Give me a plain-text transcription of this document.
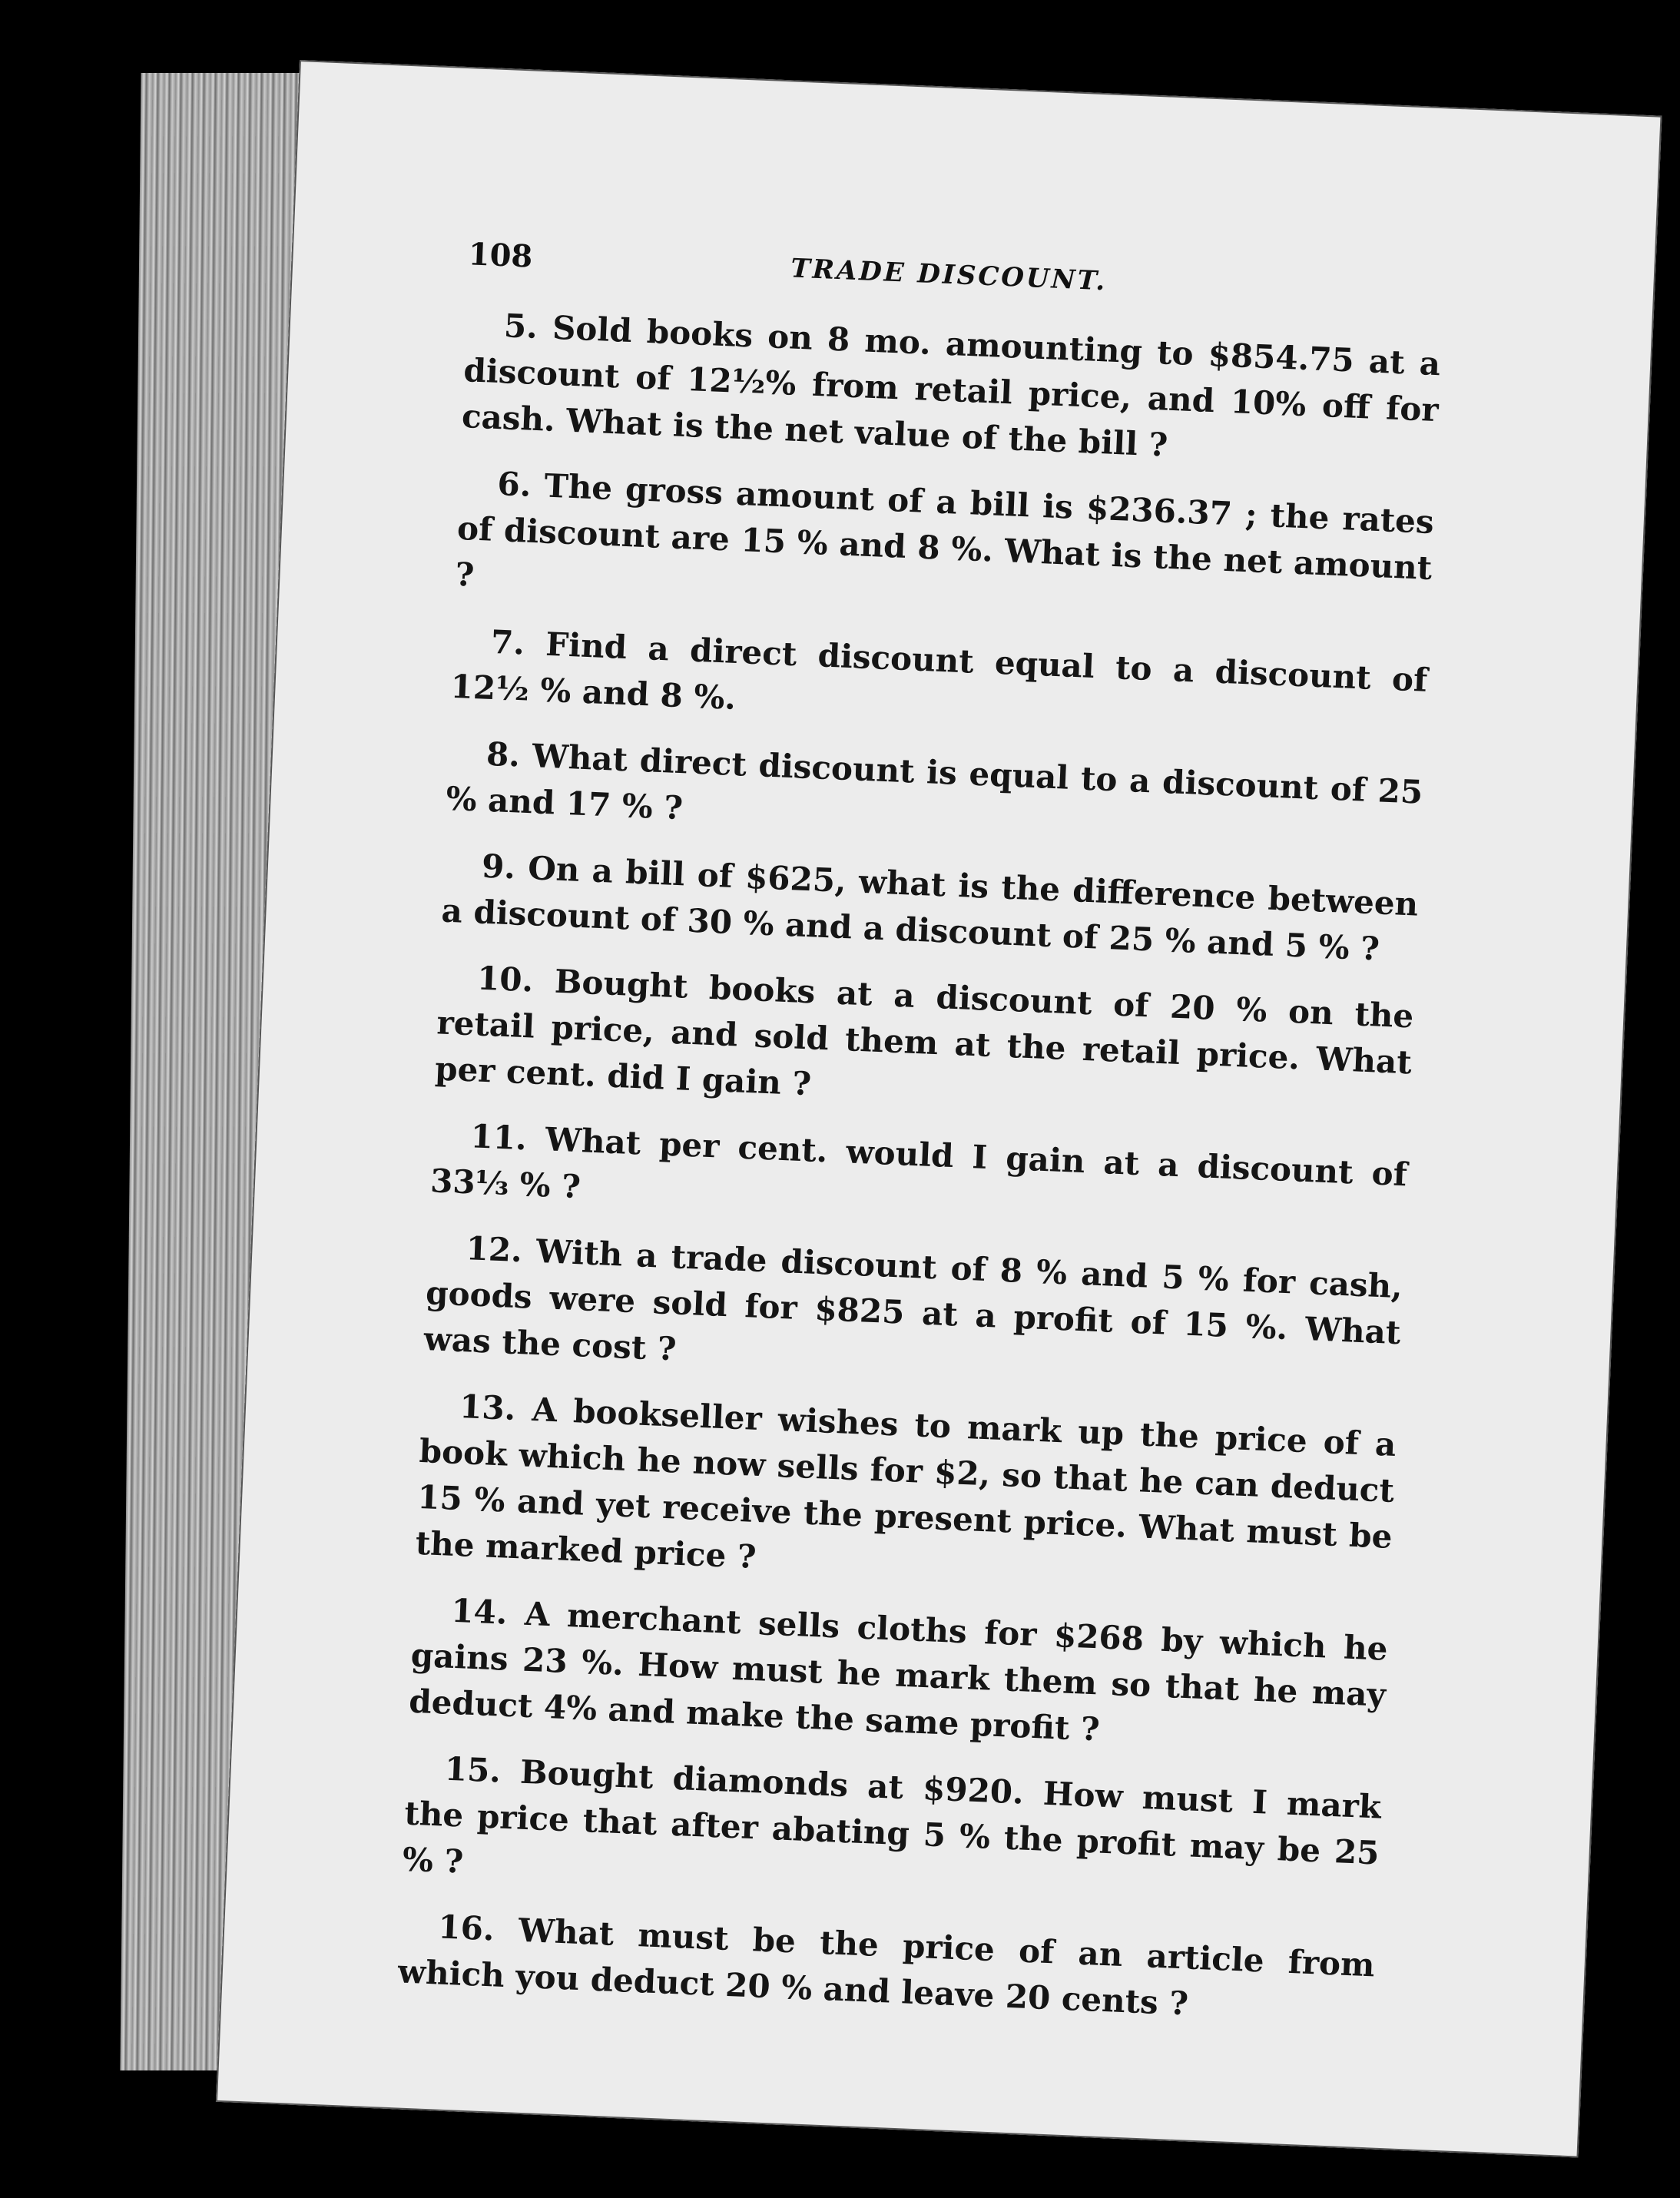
108	TRADE DISCOUNT.

5. Sold books on 8 mo. amounting to $854.75 at a discount of 12½% from retail price, and 10% off for cash. What is the net value of the bill ?

6. The gross amount of a bill is $236.37 ; the rates of discount are 15 % and 8 %. What is the net amount ?

7. Find a direct discount equal to a discount of 12½ % and 8 %.

8. What direct discount is equal to a discount of 25 % and 17 % ?

9. On a bill of $625, what is the difference between a discount of 30 % and a discount of 25 % and 5 % ?

10. Bought books at a discount of 20 % on the retail price, and sold them at the retail price. What per cent. did I gain ?

11. What per cent. would I gain at a discount of 33⅓ % ?

12. With a trade discount of 8 % and 5 % for cash, goods were sold for $825 at a profit of 15 %. What was the cost ?

13. A bookseller wishes to mark up the price of a book which he now sells for $2, so that he can deduct 15 % and yet receive the present price. What must be the marked price ?

14. A merchant sells cloths for $268 by which he gains 23 %. How must he mark them so that he may deduct 4% and make the same profit ?

15. Bought diamonds at $920. How must I mark the price that after abating 5 % the profit may be 25 % ?

16. What must be the price of an article from which you deduct 20 % and leave 20 cents ?
